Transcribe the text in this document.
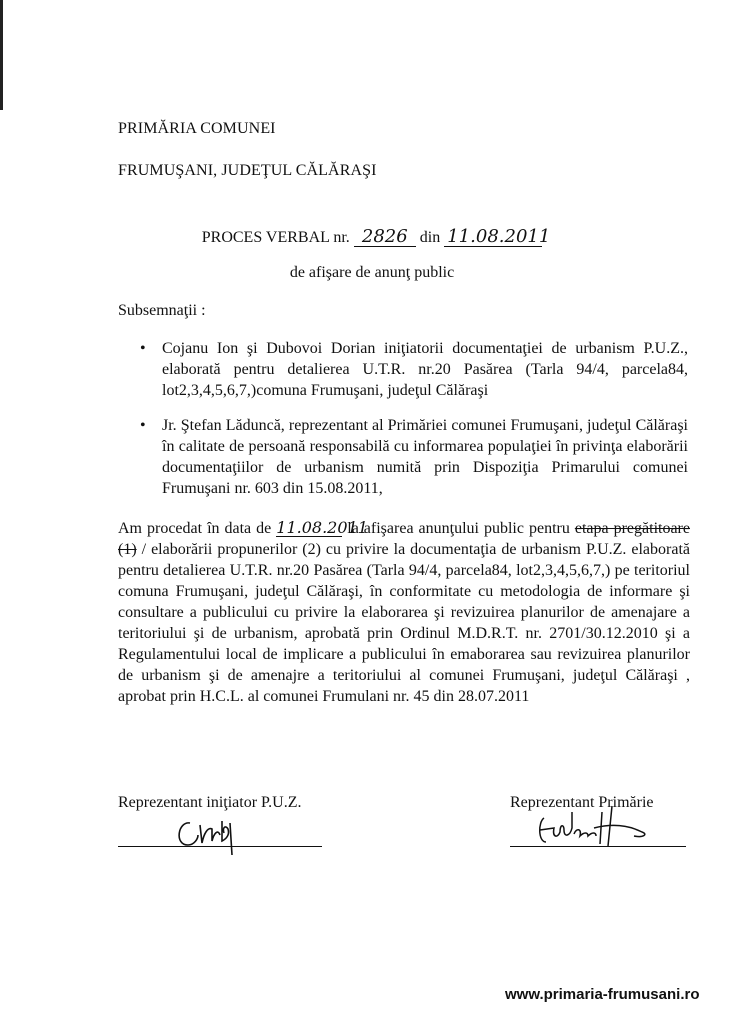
PRIMĂRIA COMUNEI
FRUMUŞANI, JUDEŢUL CĂLĂRAŞI
PROCES VERBAL nr. 2826 din 11.08.2011
de afişare de anunţ public
Subsemnaţii :
• Cojanu Ion şi Dubovoi Dorian iniţiatorii documentaţiei de urbanism P.U.Z., elaborată pentru detalierea U.T.R. nr.20 Pasărea (Tarla 94/4, parcela84, lot2,3,4,5,6,7,)comuna Frumuşani, judeţul Călăraşi
• Jr. Ştefan Lăduncă, reprezentant al Primăriei comunei Frumuşani, judeţul Călăraşi în calitate de persoană responsabilă cu informarea populaţiei în privinţa elaborării documentaţiilor de urbanism numită prin Dispoziţia Primarului comunei Frumuşani nr. 603 din 15.08.2011,

Am procedat în data de 11.08.2011 la afişarea anunţului public pentru etapa pregătitoare (1) / elaborării propunerilor (2) cu privire la documentaţia de urbanism P.U.Z. elaborată pentru detalierea U.T.R. nr.20 Pasărea (Tarla 94/4, parcela84, lot2,3,4,5,6,7,) pe teritoriul comuna Frumuşani, judeţul Călăraşi, în conformitate cu metodologia de informare şi consultare a publicului cu privire la elaborarea şi revizuirea planurilor de amenajare a teritoriului şi de urbanism, aprobată prin Ordinul M.D.R.T. nr. 2701/30.12.2010 şi a Regulamentului local de implicare a publicului în emaborarea sau revizuirea planurilor de urbanism şi de amenajre a teritoriului al comunei Frumuşani, judeţul Călăraşi , aprobat prin H.C.L. al comunei Frumulani nr. 45 din 28.07.2011

Reprezentant iniţiator P.U.Z.	Reprezentant Primărie
www.primaria-frumusani.ro
